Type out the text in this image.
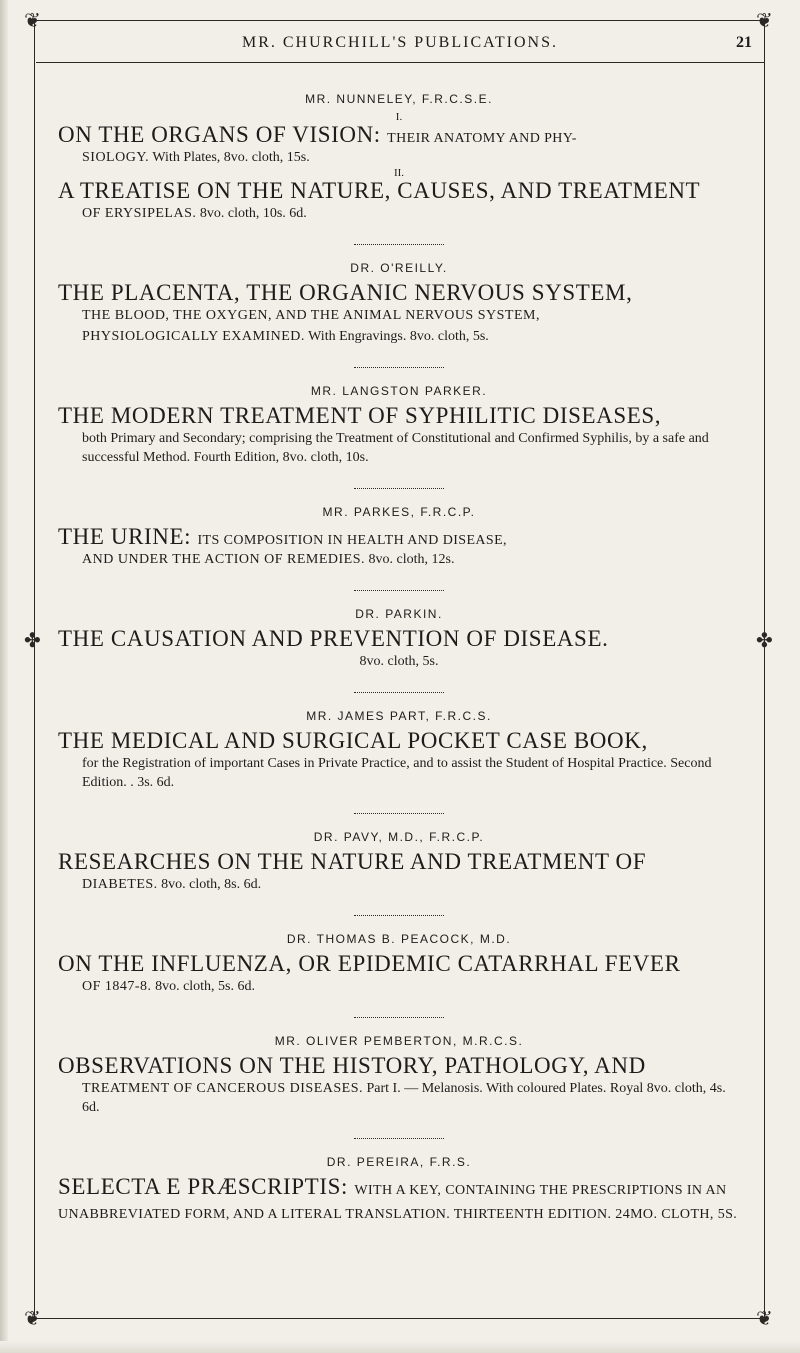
❦	❦
❦	❦
✤	✤
MR. CHURCHILL'S PUBLICATIONS.	21

MR. NUNNELEY, F.R.C.S.E.

I.

ON THE ORGANS OF VISION: THEIR ANATOMY AND PHY-

SIOLOGY. With Plates, 8vo. cloth, 15s.

II.

A TREATISE ON THE NATURE, CAUSES, AND TREATMENT

OF ERYSIPELAS. 8vo. cloth, 10s. 6d.

DR. O'REILLY.

THE PLACENTA, THE ORGANIC NERVOUS SYSTEM,

THE BLOOD, THE OXYGEN, AND THE ANIMAL NERVOUS SYSTEM,

PHYSIOLOGICALLY EXAMINED. With Engravings. 8vo. cloth, 5s.

MR. LANGSTON PARKER.

THE MODERN TREATMENT OF SYPHILITIC DISEASES,

both Primary and Secondary; comprising the Treatment of Constitutional and Confirmed Syphilis, by a safe and successful Method. Fourth Edition, 8vo. cloth, 10s.

MR. PARKES, F.R.C.P.

THE URINE: ITS COMPOSITION IN HEALTH AND DISEASE,

AND UNDER THE ACTION OF REMEDIES. 8vo. cloth, 12s.

DR. PARKIN.

THE CAUSATION AND PREVENTION OF DISEASE.

8vo. cloth, 5s.

MR. JAMES PART, F.R.C.S.

THE MEDICAL AND SURGICAL POCKET CASE BOOK,

for the Registration of important Cases in Private Practice, and to assist the Student of Hospital Practice. Second Edition. . 3s. 6d.

DR. PAVY, M.D., F.R.C.P.

RESEARCHES ON THE NATURE AND TREATMENT OF

DIABETES. 8vo. cloth, 8s. 6d.

DR. THOMAS B. PEACOCK, M.D.

ON THE INFLUENZA, OR EPIDEMIC CATARRHAL FEVER

OF 1847-8. 8vo. cloth, 5s. 6d.

MR. OLIVER PEMBERTON, M.R.C.S.

OBSERVATIONS ON THE HISTORY, PATHOLOGY, AND

TREATMENT OF CANCEROUS DISEASES. Part I. — Melanosis. With coloured Plates. Royal 8vo. cloth, 4s. 6d.

DR. PEREIRA, F.R.S.

SELECTA E PRÆSCRIPTIS: WITH A KEY, CONTAINING THE PRESCRIPTIONS IN AN UNABBREVIATED FORM, AND A LITERAL TRANSLATION. THIRTEENTH EDITION. 24MO. CLOTH, 5S.
